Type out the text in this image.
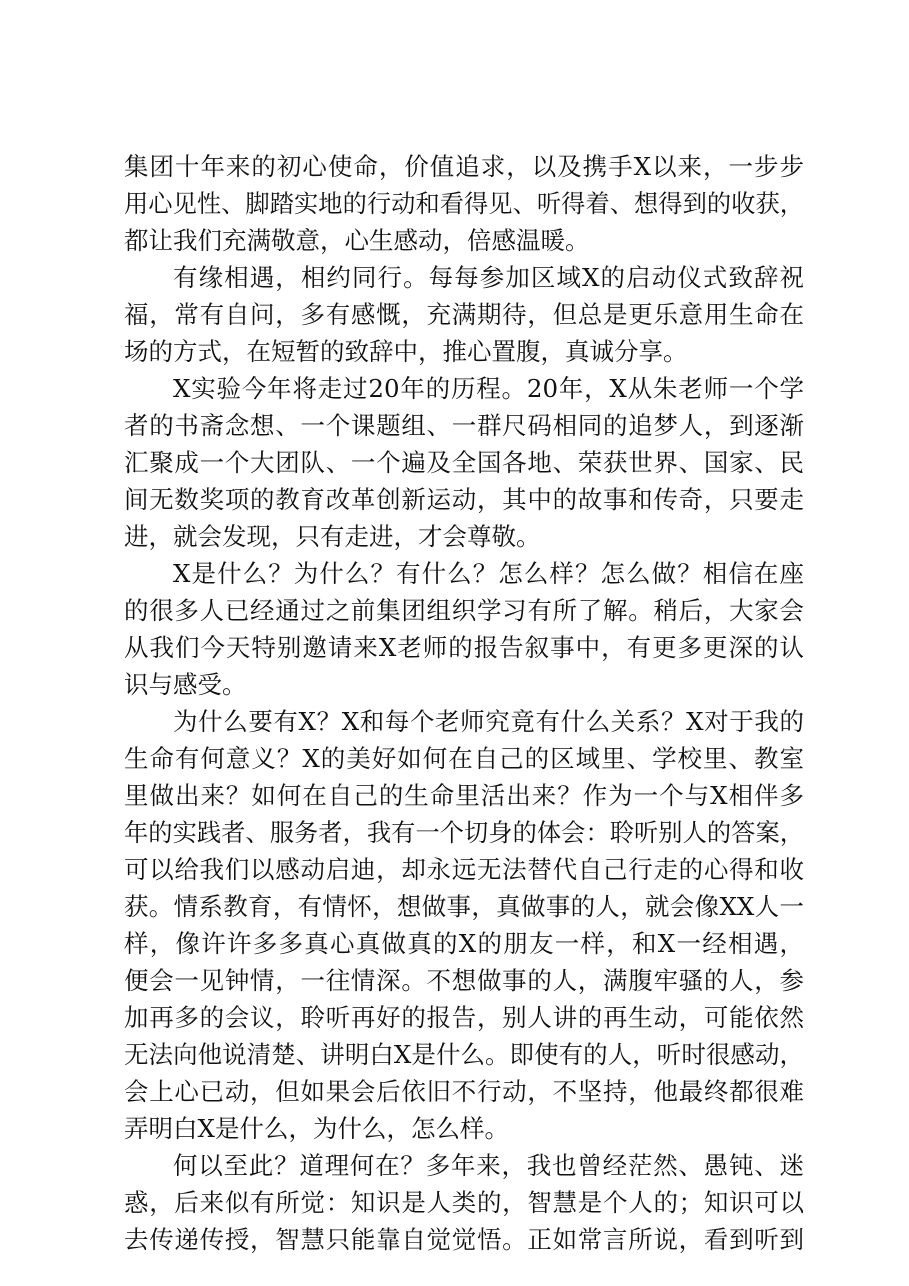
集团十年来的初心使命，价值追求，以及携手X以来，一步步
用心见性、脚踏实地的行动和看得见、听得着、想得到的收获，
都让我们充满敬意，心生感动，倍感温暖。
有缘相遇，相约同行。每每参加区域X的启动仪式致辞祝
福，常有自问，多有感慨，充满期待，但总是更乐意用生命在
场的方式，在短暂的致辞中，推心置腹，真诚分享。
X实验今年将走过20年的历程。20年，X从朱老师一个学
者的书斋念想、一个课题组、一群尺码相同的追梦人，到逐渐
汇聚成一个大团队、一个遍及全国各地、荣获世界、国家、民
间无数奖项的教育改革创新运动，其中的故事和传奇，只要走
进，就会发现，只有走进，才会尊敬。
X是什么？为什么？有什么？怎么样？怎么做？相信在座
的很多人已经通过之前集团组织学习有所了解。稍后，大家会
从我们今天特别邀请来X老师的报告叙事中，有更多更深的认
识与感受。
为什么要有X？X和每个老师究竟有什么关系？X对于我的
生命有何意义？X的美好如何在自己的区域里、学校里、教室
里做出来？如何在自己的生命里活出来？作为一个与X相伴多
年的实践者、服务者，我有一个切身的体会：聆听别人的答案，
可以给我们以感动启迪，却永远无法替代自己行走的心得和收
获。情系教育，有情怀，想做事，真做事的人，就会像XX人一
样，像许许多多真心真做真的X的朋友一样，和X一经相遇，
便会一见钟情，一往情深。不想做事的人，满腹牢骚的人，参
加再多的会议，聆听再好的报告，别人讲的再生动，可能依然
无法向他说清楚、讲明白X是什么。即使有的人，听时很感动，
会上心已动，但如果会后依旧不行动，不坚持，他最终都很难
弄明白X是什么，为什么，怎么样。
何以至此？道理何在？多年来，我也曾经茫然、愚钝、迷
惑，后来似有所觉：知识是人类的，智慧是个人的；知识可以
去传递传授，智慧只能靠自觉觉悟。正如常言所说，看到听到
